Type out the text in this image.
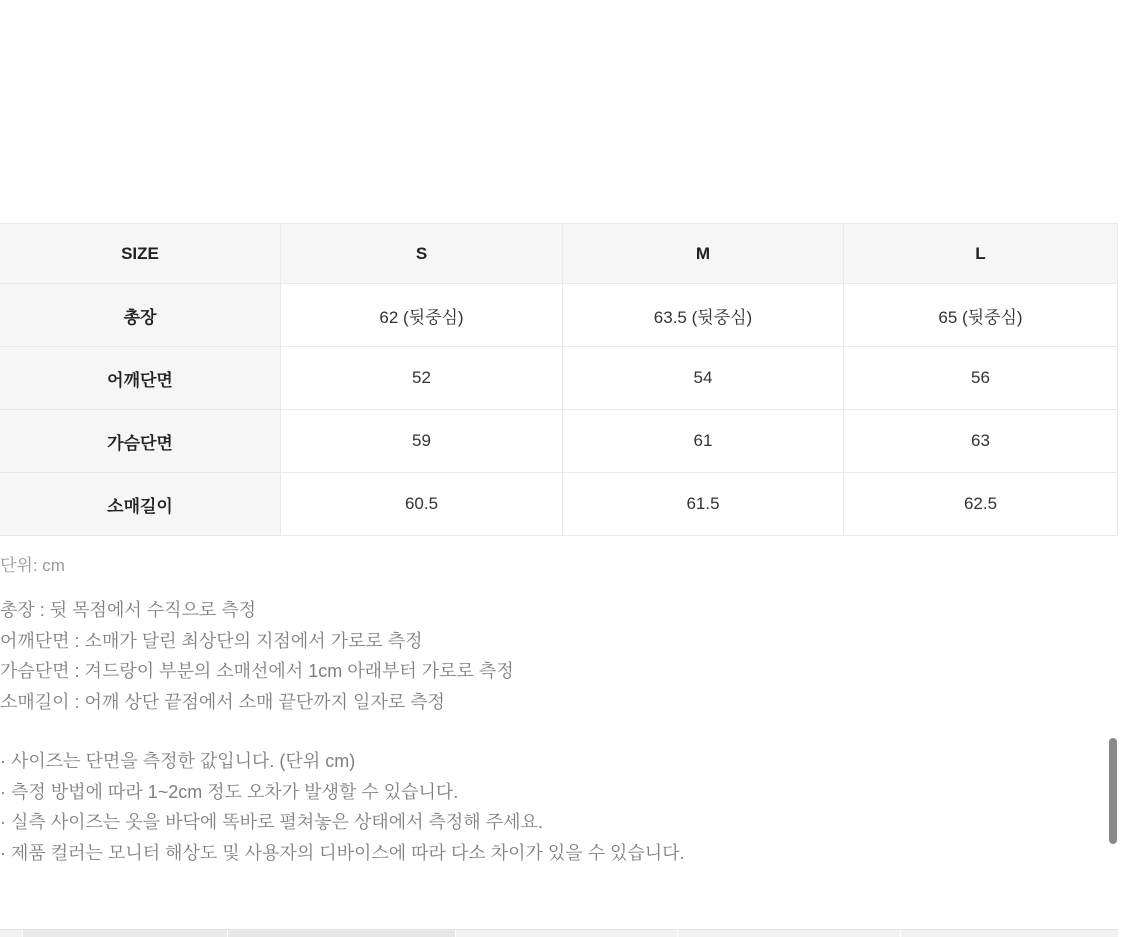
SIZE	S	M	L
총장	62 (뒷중심)	63.5 (뒷중심)	65 (뒷중심)
어깨단면	52	54	56
가슴단면	59	61	63
소매길이	60.5	61.5	62.5
단위: cm
총장 : 뒷 목점에서 수직으로 측정
어깨단면 : 소매가 달린 최상단의 지점에서 가로로 측정
가슴단면 : 겨드랑이 부분의 소매선에서 1cm 아래부터 가로로 측정
소매길이 : 어깨 상단 끝점에서 소매 끝단까지 일자로 측정
· 사이즈는 단면을 측정한 값입니다. (단위 cm)
· 측정 방법에 따라 1~2cm 정도 오차가 발생할 수 있습니다.
· 실측 사이즈는 옷을 바닥에 똑바로 펼쳐놓은 상태에서 측정해 주세요.
· 제품 컬러는 모니터 해상도 및 사용자의 디바이스에 따라 다소 차이가 있을 수 있습니다.
